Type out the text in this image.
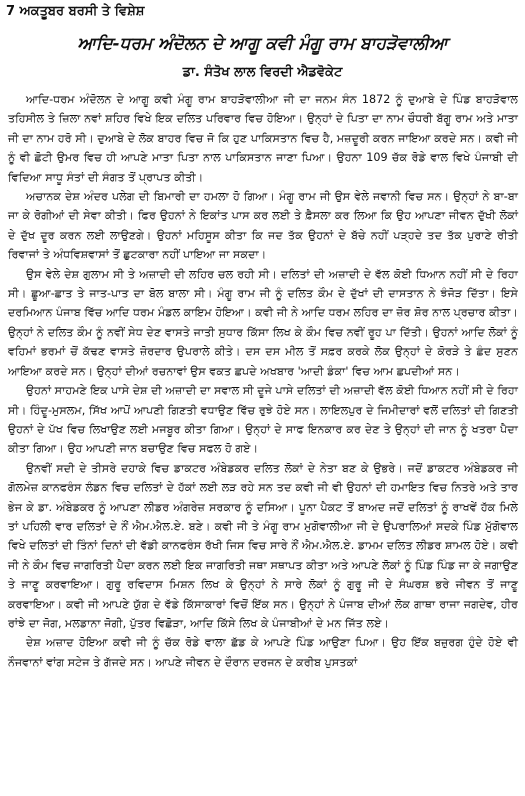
7 ਅਕਤੂਬਰ ਬਰਸੀ ਤੇ ਵਿਸ਼ੇਸ਼
ਆਦਿ-ਧਰਮ ਅੰਦੋਲਨ ਦੇ ਆਗੂ ਕਵੀ ਮੰਗੂ ਰਾਮ ਬਾਹੜੋਵਾਲੀਆ
ਡਾ. ਸੰਤੋਖ ਲਾਲ ਵਿਰਦੀ ਐਡਵੋਕੇਟ

ਆਦਿ-ਧਰਮ ਅੰਦੋਲਨ ਦੇ ਆਗੂ ਕਵੀ ਮੰਗੂ ਰਾਮ ਬਾਹੜੋਵਾਲੀਆ ਜੀ ਦਾ ਜਨਮ ਸੰਨ 1872 ਨੂੰ ਦੁਆਬੇ ਦੇ ਪਿੰਡ ਬਾਹੜੋਵਾਲ ਤਹਿਸੀਲ ਤੇ ਜ਼ਿਲਾ ਨਵਾਂ ਸ਼ਹਿਰ ਵਿਖੇ ਇਕ ਦਲਿਤ ਪਰਿਵਾਰ ਵਿਚ ਹੋਇਆ। ਉਨ੍ਹਾਂ ਦੇ ਪਿਤਾ ਦਾ ਨਾਮ ਚੌਧਰੀ ਬੱਗੂ ਰਾਮ ਅਤੇ ਮਾਤਾ ਜੀ ਦਾ ਨਾਮ ਹਰੋ ਸੀ। ਦੁਆਬੇ ਦੇ ਲੋਕ ਬਾਹਰ ਵਿਚ ਜੋ ਕਿ ਹੁਣ ਪਾਕਿਸਤਾਨ ਵਿਚ ਹੈ, ਮਜ਼ਦੂਰੀ ਕਰਨ ਜਾਇਆ ਕਰਦੇ ਸਨ। ਕਵੀ ਜੀ ਨੂੰ ਵੀ ਛੋਟੀ ਉਮਰ ਵਿਚ ਹੀ ਆਪਣੇ ਮਾਤਾ ਪਿਤਾ ਨਾਲ ਪਾਕਿਸਤਾਨ ਜਾਣਾ ਪਿਆ। ਉਹਨਾ 109 ਚੱਕ ਰੋਡੇ ਵਾਲ ਵਿਖੇ ਪੰਜਾਬੀ ਦੀ ਵਿਦਿਆ ਸਾਧੂ ਸੰਤਾਂ ਦੀ ਸੰਗਤ ਤੋਂ ਪ੍ਰਾਪਤ ਕੀਤੀ।

ਅਚਾਨਕ ਦੇਸ਼ ਅੰਦਰ ਪਲੇਗ ਦੀ ਬਿਮਾਰੀ ਦਾ ਹਮਲਾ ਹੋ ਗਿਆ। ਮੰਗੂ ਰਾਮ ਜੀ ਉਸ ਵੇਲੇ ਜਵਾਨੀ ਵਿਚ ਸਨ। ਉਨ੍ਹਾਂ ਨੇ ਬਾ-ਬਾ ਜਾ ਕੇ ਰੋਗੀਆਂ ਦੀ ਸੇਵਾ ਕੀਤੀ। ਫਿਰ ਉਹਨਾਂ ਨੇ ਇਕਾਂਤ ਪਾਸ ਕਰ ਲਈ ਤੇ ਫ਼ੈਸਲਾ ਕਰ ਲਿਆ ਕਿ ਉਹ ਆਪਣਾ ਜੀਵਨ ਦੁੱਖੀ ਲੋਕਾਂ ਦੇ ਦੁੱਖ ਦੂਰ ਕਰਨ ਲਈ ਲਾਉਣਗੇ। ਉਹਨਾਂ ਮਹਿਸੂਸ ਕੀਤਾ ਕਿ ਜਦ ਤੱਕ ਉਹਨਾਂ ਦੇ ਬੱਚੇ ਨਹੀਂ ਪੜ੍ਹਦੇ ਤਦ ਤੱਕ ਪੁਰਾਣੇ ਰੀਤੀ ਰਿਵਾਜਾਂ ਤੇ ਅੰਧਵਿਸ਼ਵਾਸਾਂ ਤੋਂ ਛੁਟਕਾਰਾ ਨਹੀਂ ਪਾਇਆ ਜਾ ਸਕਦਾ।

ਉਸ ਵੇਲੇ ਦੇਸ਼ ਗੁਲਾਮ ਸੀ ਤੇ ਅਜ਼ਾਦੀ ਦੀ ਲਹਿਰ ਚਲ ਰਹੀ ਸੀ। ਦਲਿਤਾਂ ਦੀ ਅਜ਼ਾਦੀ ਦੇ ਵੱਲ ਕੋਈ ਧਿਆਨ ਨਹੀਂ ਸੀ ਦੇ ਰਿਹਾ ਸੀ। ਛੂਆ-ਛਾਤ ਤੇ ਜਾਤ-ਪਾਤ ਦਾ ਬੋਲ ਬਾਲਾ ਸੀ। ਮੰਗੂ ਰਾਮ ਜੀ ਨੂੰ ਦਲਿਤ ਕੌਮ ਦੇ ਦੁੱਖਾਂ ਦੀ ਦਾਸਤਾਨ ਨੇ ਝੰਜੋੜ ਦਿੱਤਾ। ਇਸੇ ਦਰਮਿਆਨ ਪੰਜਾਬ ਵਿੱਚ ਆਦਿ ਧਰਮ ਮੰਡਲ ਕਾਇਮ ਹੋਇਆ। ਕਵੀ ਜੀ ਨੇ ਆਦਿ ਧਰਮ ਲਹਿਰ ਦਾ ਜ਼ੋਰ ਸ਼ੋਰ ਨਾਲ ਪ੍ਰਚਾਰ ਕੀਤਾ। ਉਨ੍ਹਾਂ ਨੇ ਦਲਿਤ ਕੌਮ ਨੂੰ ਨਵੀਂ ਸੇਧ ਦੇਣ ਵਾਸਤੇ ਜਾਤੀ ਸੁਧਾਰ ਕਿੱਸਾ ਲਿਖ ਕੇ ਕੌਮ ਵਿਚ ਨਵੀਂ ਰੂਹ ਪਾ ਦਿੱਤੀ। ਉਹਨਾਂ ਆਦਿ ਲੋਕਾਂ ਨੂੰ ਵਹਿਮਾਂ ਭਰਮਾਂ ਚੋਂ ਕੱਢਣ ਵਾਸਤੇ ਜ਼ੋਰਦਾਰ ਉਪਰਾਲੇ ਕੀਤੇ। ਦਸ ਦਸ ਮੀਲ ਤੋਂ ਸਫ਼ਰ ਕਰਕੇ ਲੋਕ ਉਨ੍ਹਾਂ ਦੇ ਕੋਰੜੇ ਤੇ ਛੰਦ ਸੁਣਨ ਆਇਆ ਕਰਦੇ ਸਨ। ਉਨ੍ਹਾਂ ਦੀਆਂ ਰਚਨਾਵਾਂ ਉਸ ਵਕਤ ਛਪਦੇ ਅਖਬਾਰ 'ਆਦੀ ਡੰਕਾ' ਵਿਚ ਆਮ ਛਪਦੀਆਂ ਸਨ।

ਉਹਨਾਂ ਸਾਹਮਣੇ ਇਕ ਪਾਸੇ ਦੇਸ਼ ਦੀ ਅਜ਼ਾਦੀ ਦਾ ਸਵਾਲ ਸੀ ਦੂਜੇ ਪਾਸੇ ਦਲਿਤਾਂ ਦੀ ਅਜ਼ਾਦੀ ਵੱਲ ਕੋਈ ਧਿਆਨ ਨਹੀਂ ਸੀ ਦੇ ਰਿਹਾ ਸੀ। ਹਿੰਦੂ-ਮੁਸਲਮ, ਸਿੱਖ ਆਪੋਂ ਆਪਣੀ ਗਿਣਤੀ ਵਧਾਉਣ ਵਿੱਚ ਰੁਝੇ ਹੋਏ ਸਨ। ਲਾਇਲਪੁਰ ਦੇ ਜਿਮੀਦਾਰਾਂ ਵਲੋਂ ਦਲਿਤਾਂ ਦੀ ਗਿਣਤੀ ਉਹਨਾਂ ਦੇ ਪੱਖ ਵਿਚ ਲਿਖਾਉਣ ਲਈ ਮਜਬੂਰ ਕੀਤਾ ਗਿਆ। ਉਨ੍ਹਾਂ ਦੇ ਸਾਫ ਇਨਕਾਰ ਕਰ ਦੇਣ ਤੇ ਉਨ੍ਹਾਂ ਦੀ ਜਾਨ ਨੂੰ ਖਤਰਾ ਪੈਦਾ ਕੀਤਾ ਗਿਆ। ਉਹ ਆਪਣੀ ਜਾਨ ਬਚਾਉਣ ਵਿਚ ਸਫਲ ਹੋ ਗਏ।

ਉਨਵੀਂ ਸਦੀ ਦੇ ਤੀਸਰੇ ਦਹਾਕੇ ਵਿਚ ਡਾਕਟਰ ਅੰਬੇਡਕਰ ਦਲਿਤ ਲੋਕਾਂ ਦੇ ਨੇਤਾ ਬਣ ਕੇ ਉਭਰੇ। ਜਦੋਂ ਡਾਕਟਰ ਅੰਬੇਡਕਰ ਜੀ ਗੋਲਮੇਜ਼ ਕਾਨਫਰੰਸ ਲੰਡਨ ਵਿਚ ਦਲਿਤਾਂ ਦੇ ਹੱਕਾਂ ਲਈ ਲੜ ਰਹੇ ਸਨ ਤਦ ਕਵੀ ਜੀ ਵੀ ਉਹਨਾਂ ਦੀ ਹਮਾਇਤ ਵਿਚ ਨਿਤਰੇ ਅਤੇ ਤਾਰ ਭੇਜ ਕੇ ਡਾ. ਅੰਬੇਡਕਰ ਨੂੰ ਆਪਣਾ ਲੀਡਰ ਅੰਗਰੇਜ਼ ਸਰਕਾਰ ਨੂੰ ਦਸਿਆ। ਪੂਨਾ ਪੈਕਟ ਤੋਂ ਬਾਅਦ ਜਦੋਂ ਦਲਿਤਾਂ ਨੂੰ ਰਾਖਵੇਂ ਹੱਕ ਮਿਲੇ ਤਾਂ ਪਹਿਲੀ ਵਾਰ ਦਲਿਤਾਂ ਦੇ ਨੌਂ ਐਮ.ਐਲ.ਏ. ਬਣੇ। ਕਵੀ ਜੀ ਤੇ ਮੰਗੂ ਰਾਮ ਮੁਗੋਵਾਲੀਆ ਜੀ ਦੇ ਉਪਰਾਲਿਆਂ ਸਦਕੇ ਪਿੰਡ ਮੁੱਗੋਵਾਲ ਵਿਖੇ ਦਲਿਤਾਂ ਦੀ ਤਿੰਨਾਂ ਦਿਨਾਂ ਦੀ ਵੱਡੀ ਕਾਨਫਰੰਸ ਰੱਖੀ ਜਿਸ ਵਿਚ ਸਾਰੇ ਨੌਂ ਐਮ.ਐਲ.ਏ. ਡਾਮਮ ਦਲਿਤ ਲੀਡਰ ਸ਼ਾਮਲ ਹੋਏ। ਕਵੀ ਜੀ ਨੇ ਕੌਮ ਵਿਚ ਜਾਗਰਿਤੀ ਪੈਦਾ ਕਰਨ ਲਈ ਇਕ ਜਾਗਰਿਤੀ ਜਥਾ ਸਥਾਪਤ ਕੀਤਾ ਅਤੇ ਆਪਣੇ ਲੋਕਾਂ ਨੂੰ ਪਿੰਡ ਪਿੰਡ ਜਾ ਕੇ ਜਗਾਉਣ ਤੇ ਜਾਣੂ ਕਰਵਾਇਆ। ਗੁਰੂ ਰਵਿਦਾਸ ਮਿਸ਼ਨ ਲਿਖ ਕੇ ਉਨ੍ਹਾਂ ਨੇ ਸਾਰੇ ਲੋਕਾਂ ਨੂੰ ਗੁਰੂ ਜੀ ਦੇ ਸੰਘਰਸ਼ ਭਰੇ ਜੀਵਨ ਤੋਂ ਜਾਣੂ ਕਰਵਾਇਆ। ਕਵੀ ਜੀ ਆਪਣੇ ਯੁੱਗ ਦੇ ਵੱਡੇ ਕਿੱਸਾਕਾਰਾਂ ਵਿਚੋਂ ਇੱਕ ਸਨ। ਉਨ੍ਹਾਂ ਨੇ ਪੰਜਾਬ ਦੀਆਂ ਲੋਕ ਗਾਥਾ ਰਾਜਾ ਜਗਦੇਵ, ਹੀਰ ਰਾਂਝੇ ਦਾ ਜੋਗ, ਮਲਡਾਨਾ ਜੋਗੀ, ਪੁੱਤਰ ਵਿਛੋੜਾ, ਆਦਿ ਕਿੱਸੇ ਲਿਖ ਕੇ ਪੰਜਾਬੀਆਂ ਦੇ ਮਨ ਜਿੱਤ ਲਏ।

ਦੇਸ਼ ਅਜ਼ਾਦ ਹੋਇਆ ਕਵੀ ਜੀ ਨੂੰ ਚੱਕ ਰੋਡੇ ਵਾਲਾ ਛੱਡ ਕੇ ਆਪਣੇ ਪਿੰਡ ਆਉਣਾ ਪਿਆ। ਉਹ ਇੱਕ ਬਜ਼ੁਰਗ ਹੁੰਦੇ ਹੋਏ ਵੀ ਨੌਜਵਾਨਾਂ ਵਾਂਗ ਸਟੇਜ ਤੇ ਗੱਜਦੇ ਸਨ। ਆਪਣੇ ਜੀਵਨ ਦੇ ਦੌਰਾਨ ਦਰਜਨ ਦੇ ਕਰੀਬ ਪੁਸਤਕਾਂ
